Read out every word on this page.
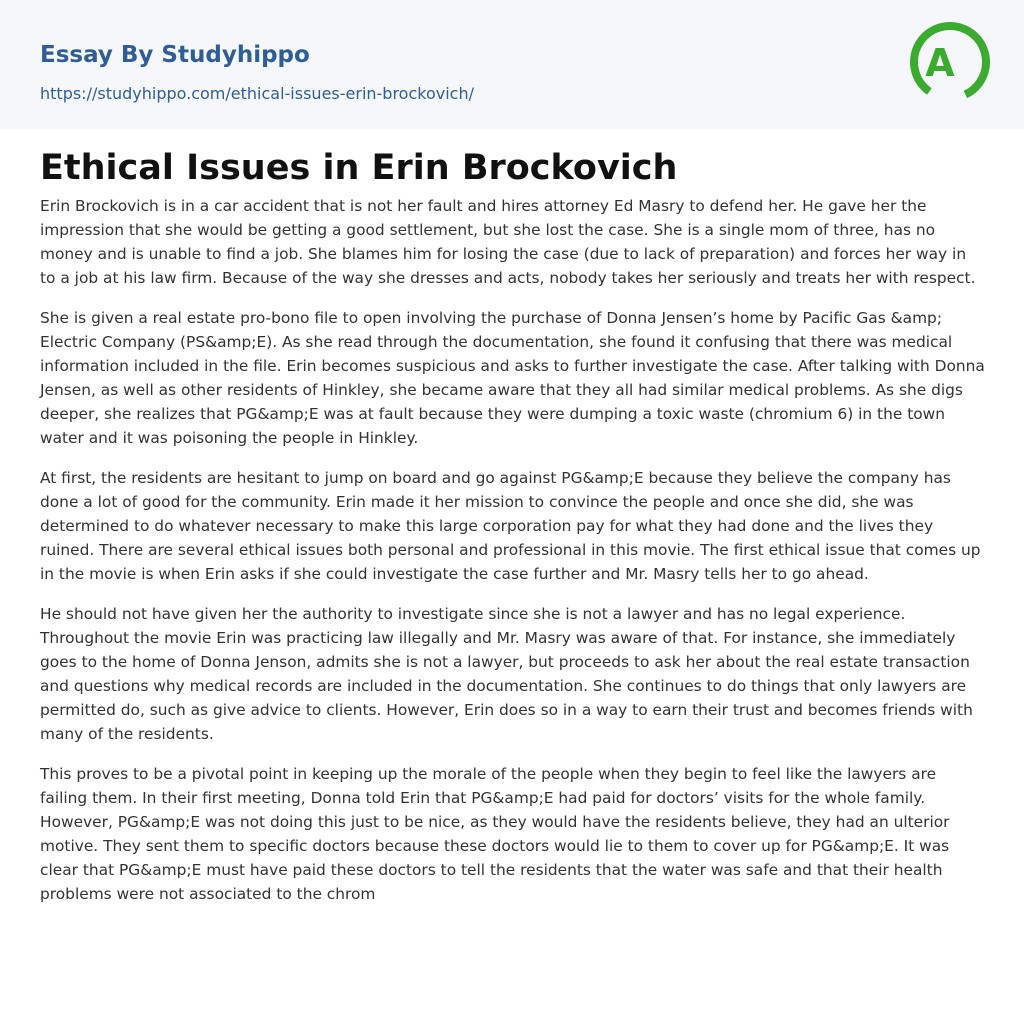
Essay By Studyhippo
https://studyhippo.com/ethical-issues-erin-brockovich/
A
Ethical Issues in Erin Brockovich

Erin Brockovich is in a car accident that is not her fault and hires attorney Ed Masry to defend her. He gave her the impression that she would be getting a good settlement, but she lost the case. She is a single mom of three, has no money and is unable to find a job. She blames him for losing the case (due to lack of preparation) and forces her way in to a job at his law firm. Because of the way she dresses and acts, nobody takes her seriously and treats her with respect.

She is given a real estate pro-bono file to open involving the purchase of Donna Jensen’s home by Pacific Gas &amp; Electric Company (PS&amp;E). As she read through the documentation, she found it confusing that there was medical information included in the file. Erin becomes suspicious and asks to further investigate the case. After talking with Donna Jensen, as well as other residents of Hinkley, she became aware that they all had similar medical problems. As she digs deeper, she realizes that PG&amp;E was at fault because they were dumping a toxic waste (chromium 6) in the town water and it was poisoning the people in Hinkley.

At first, the residents are hesitant to jump on board and go against PG&amp;E because they believe the company has done a lot of good for the community. Erin made it her mission to convince the people and once she did, she was determined to do whatever necessary to make this large corporation pay for what they had done and the lives they ruined. There are several ethical issues both personal and professional in this movie. The first ethical issue that comes up in the movie is when Erin asks if she could investigate the case further and Mr. Masry tells her to go ahead.

He should not have given her the authority to investigate since she is not a lawyer and has no legal experience. Throughout the movie Erin was practicing law illegally and Mr. Masry was aware of that. For instance, she immediately goes to the home of Donna Jenson, admits she is not a lawyer, but proceeds to ask her about the real estate transaction and questions why medical records are included in the documentation. She continues to do things that only lawyers are permitted do, such as give advice to clients. However, Erin does so in a way to earn their trust and becomes friends with many of the residents.

This proves to be a pivotal point in keeping up the morale of the people when they begin to feel like the lawyers are failing them. In their first meeting, Donna told Erin that PG&amp;E had paid for doctors’ visits for the whole family. However, PG&amp;E was not doing this just to be nice, as they would have the residents believe, they had an ulterior motive. They sent them to specific doctors because these doctors would lie to them to cover up for PG&amp;E. It was clear that PG&amp;E must have paid these doctors to tell the residents that the water was safe and that their health problems were not associated to the chrom
